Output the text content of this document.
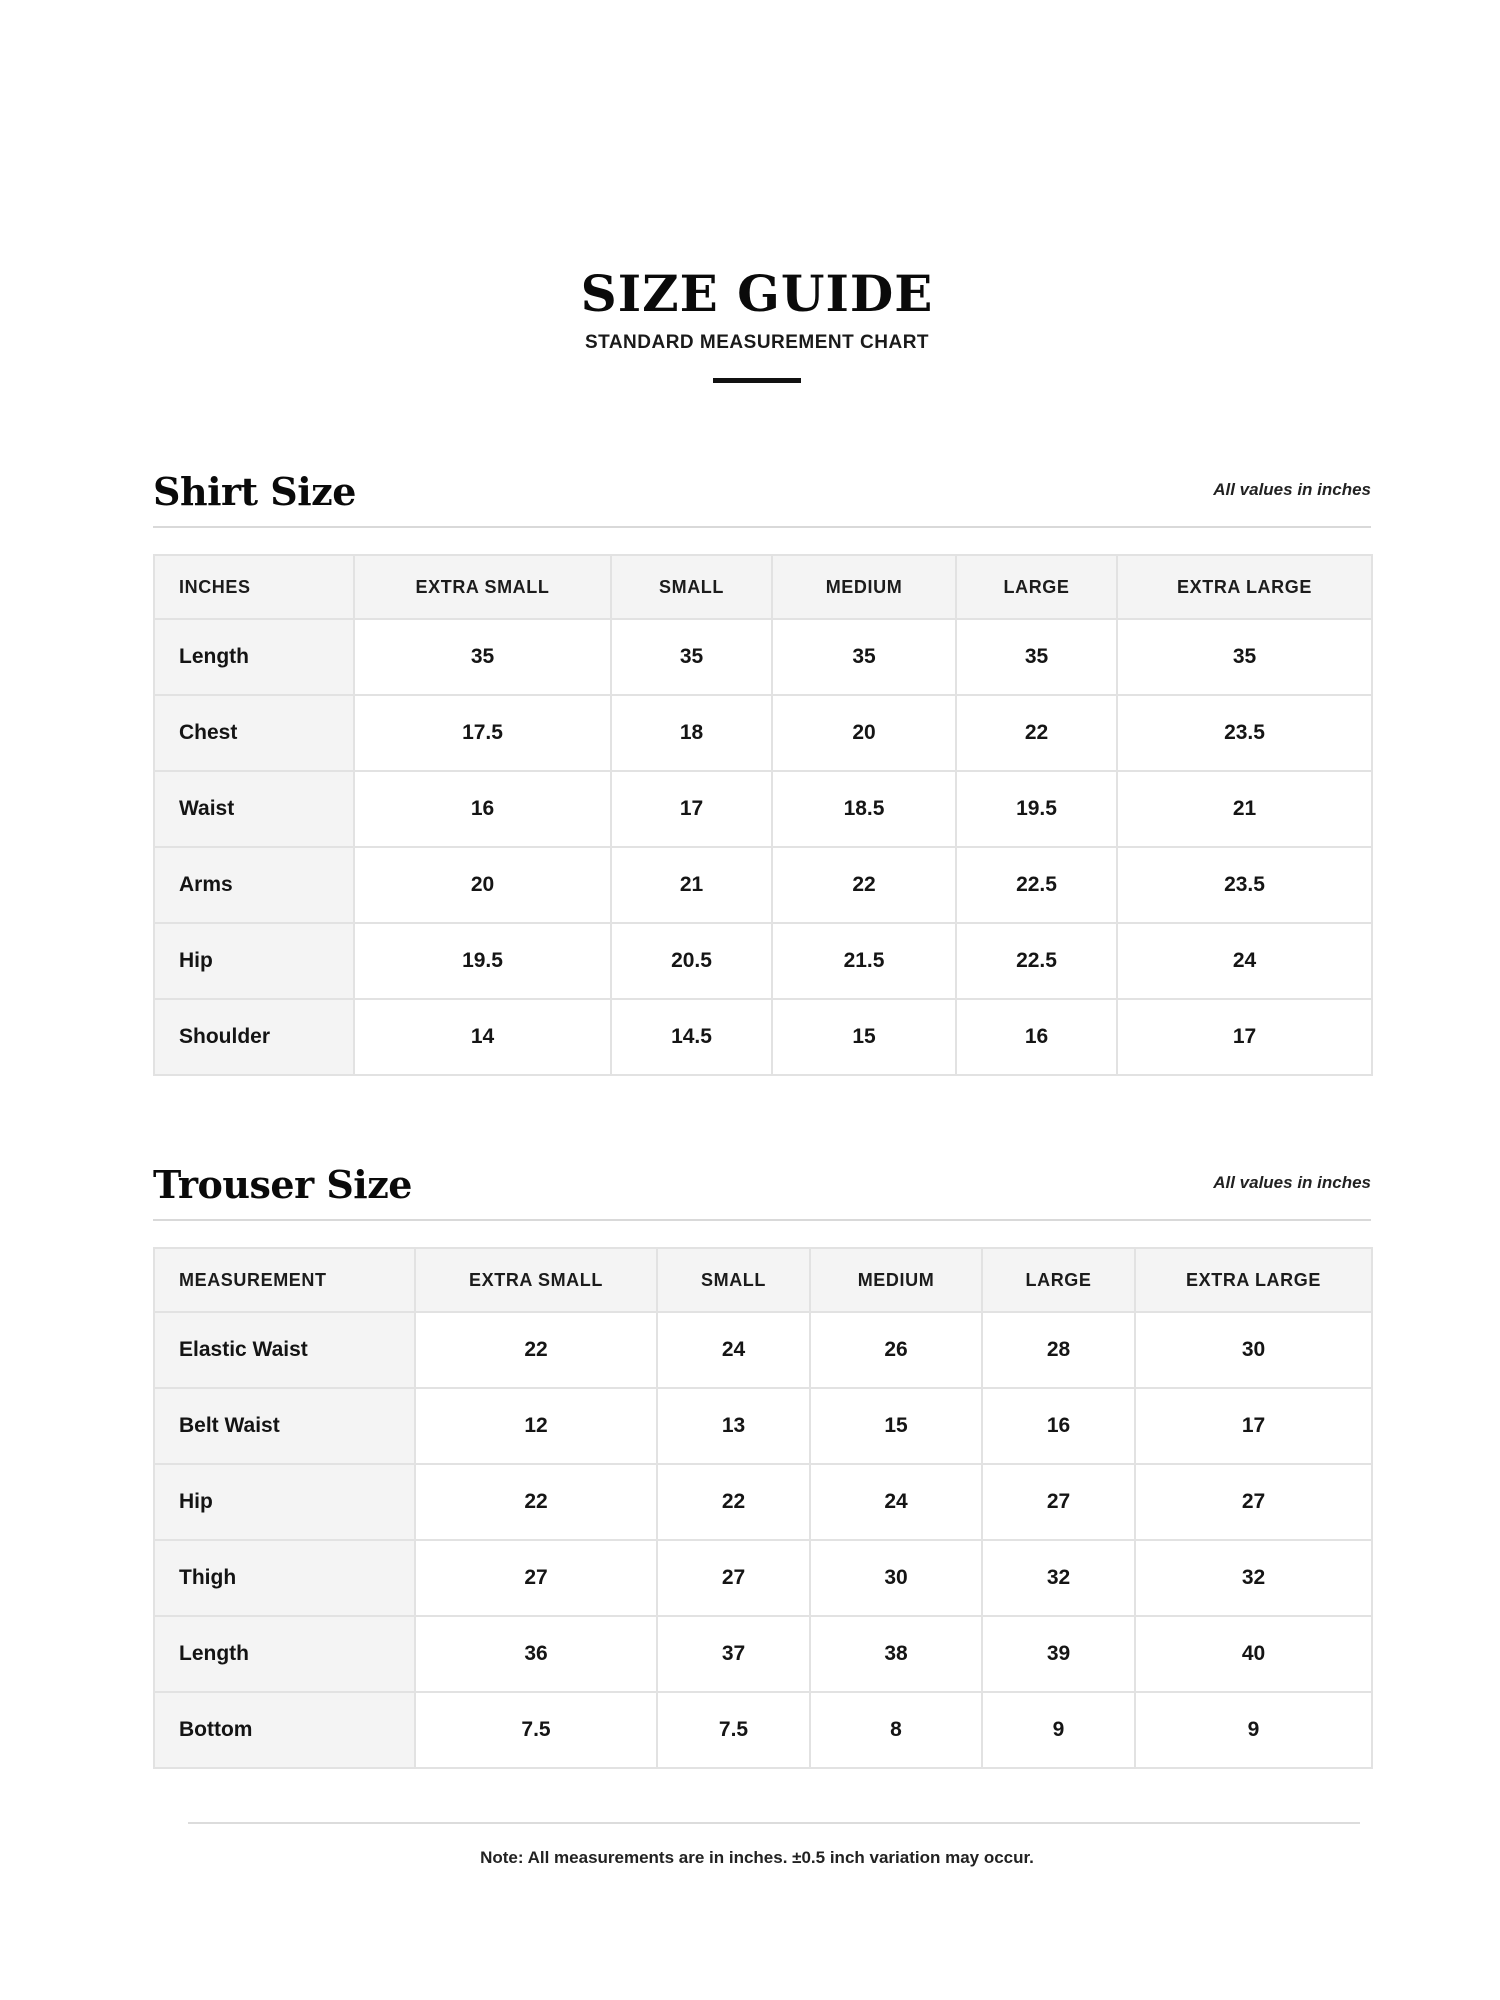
SIZE GUIDE
STANDARD MEASUREMENT CHART
Shirt Size	All values in inches
INCHES	EXTRA SMALL	SMALL	MEDIUM	LARGE	EXTRA LARGE
Length	35	35	35	35	35
Chest	17.5	18	20	22	23.5
Waist	16	17	18.5	19.5	21
Arms	20	21	22	22.5	23.5
Hip	19.5	20.5	21.5	22.5	24
Shoulder	14	14.5	15	16	17
Trouser Size	All values in inches
MEASUREMENT	EXTRA SMALL	SMALL	MEDIUM	LARGE	EXTRA LARGE
Elastic Waist	22	24	26	28	30
Belt Waist	12	13	15	16	17
Hip	22	22	24	27	27
Thigh	27	27	30	32	32
Length	36	37	38	39	40
Bottom	7.5	7.5	8	9	9
Note: All measurements are in inches. ±0.5 inch variation may occur.
